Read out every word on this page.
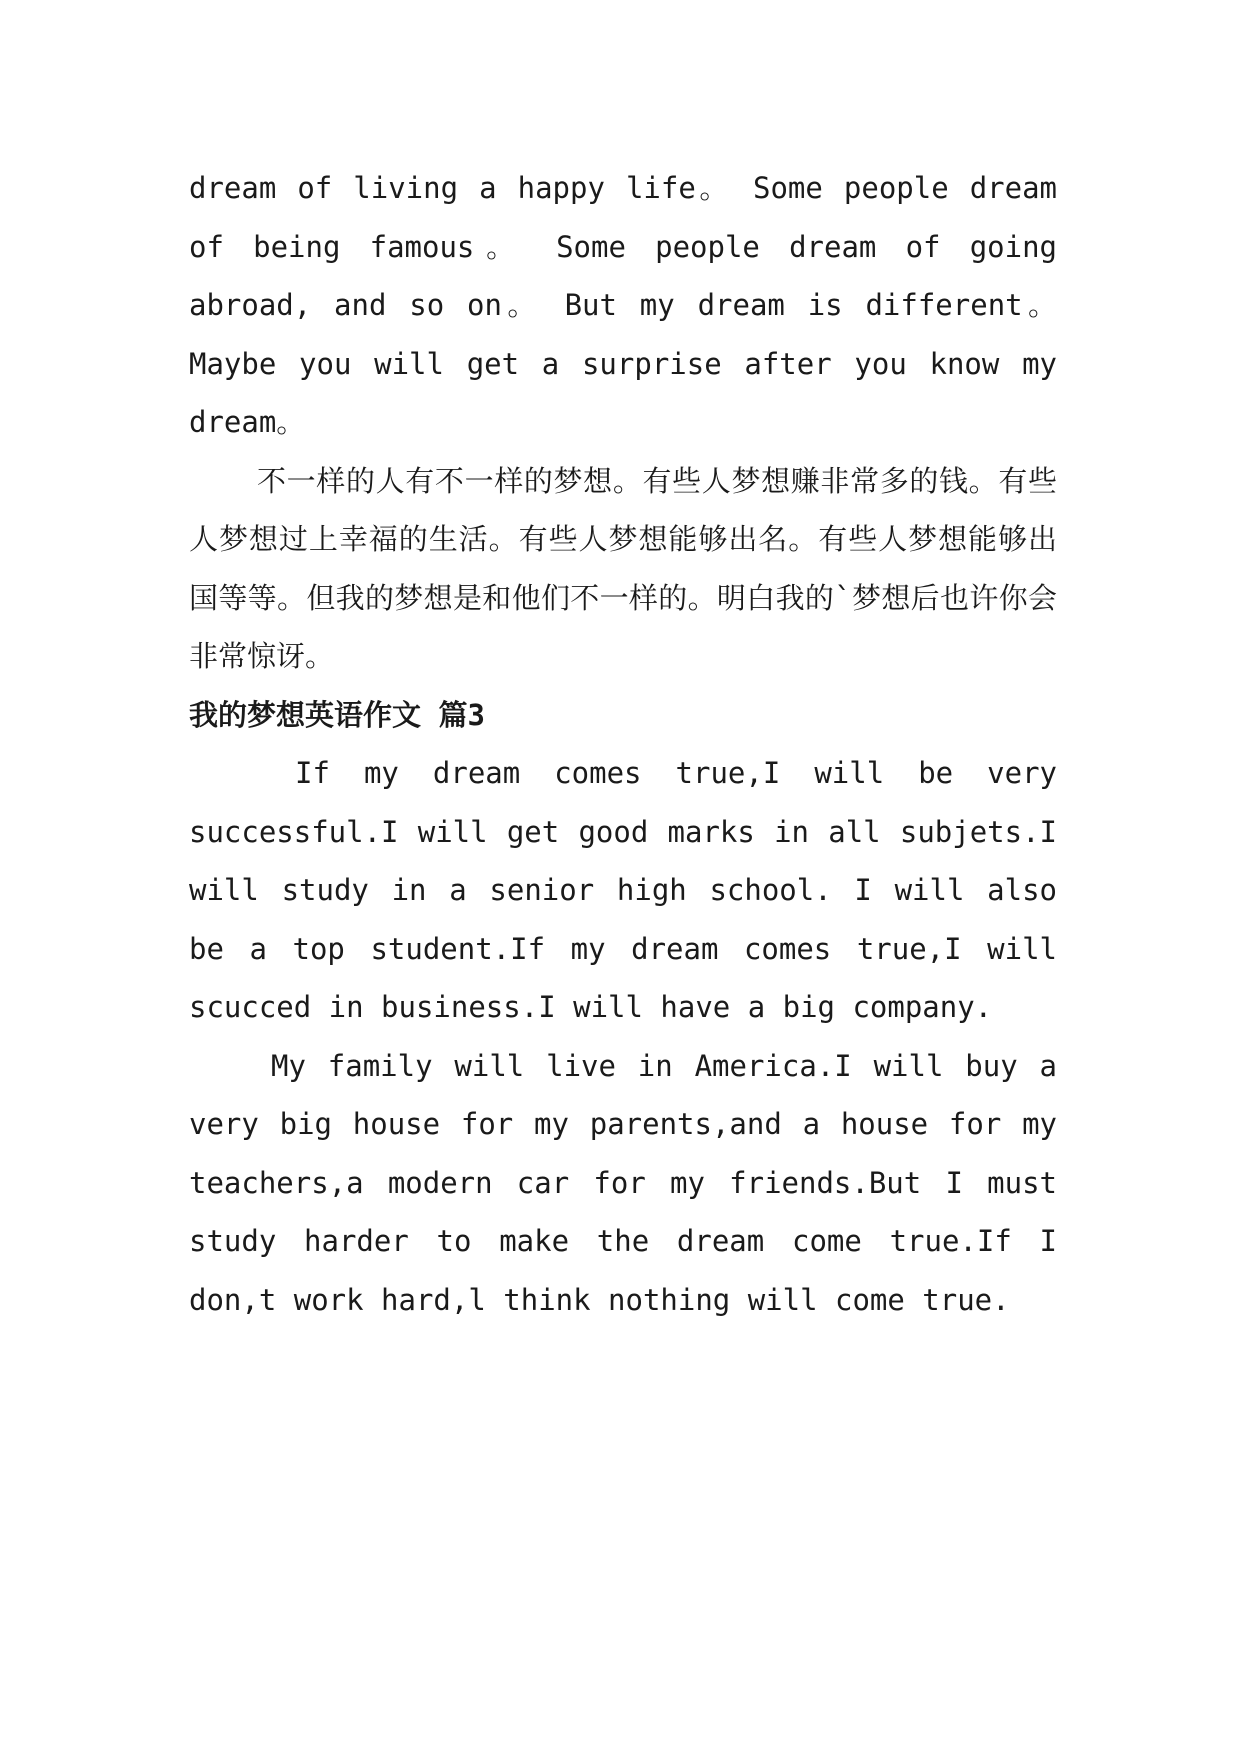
dream of living a happy life。 Some people dream of being famous。 Some people dream of going abroad, and so on。 But my dream is different。 Maybe you will get a surprise after you know my dream。

不一样的人有不一样的梦想。有些人梦想赚非常多的钱。有些人梦想过上幸福的生活。有些人梦想能够出名。有些人梦想能够出国等等。但我的梦想是和他们不一样的。明白我的`梦想后也许你会非常惊讶。

我的梦想英语作文 篇3

If my dream comes true,I will be very successful.I will get good marks in all subjets.I will study in a senior high school. I will also be a top student.If my dream comes true,I will scucced in business.I will have a big company.

My family will live in America.I will buy a very big house for my parents,and a house for my teachers,a modern car for my friends.But I must study harder to make the dream come true.If I don,t work hard,l think nothing will come true.
